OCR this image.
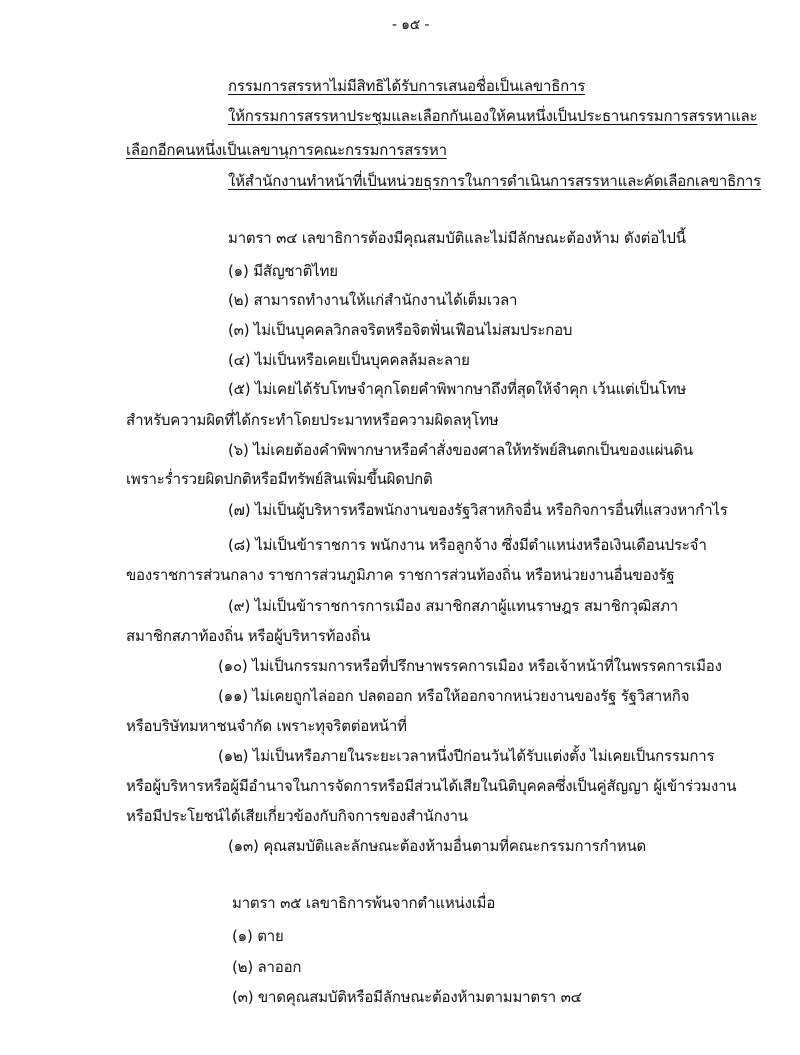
- ๑๕ -
กรรมการสรรหาไม่มีสิทธิได้รับการเสนอชื่อเป็นเลขาธิการ
ให้กรรมการสรรหาประชุมและเลือกกันเองให้คนหนึ่งเป็นประธานกรรมการสรรหาและ
เลือกอีกคนหนึ่งเป็นเลขานุการคณะกรรมการสรรหา
ให้สำนักงานทำหน้าที่เป็นหน่วยธุรการในการดำเนินการสรรหาและคัดเลือกเลขาธิการ
มาตรา ๓๔ เลขาธิการต้องมีคุณสมบัติและไม่มีลักษณะต้องห้าม ดังต่อไปนี้
(๑) มีสัญชาติไทย
(๒) สามารถทำงานให้แก่สำนักงานได้เต็มเวลา
(๓) ไม่เป็นบุคคลวิกลจริตหรือจิตฟั่นเฟือนไม่สมประกอบ
(๔) ไม่เป็นหรือเคยเป็นบุคคลล้มละลาย
(๕) ไม่เคยได้รับโทษจำคุกโดยคำพิพากษาถึงที่สุดให้จำคุก เว้นแต่เป็นโทษ
สำหรับความผิดที่ได้กระทำโดยประมาทหรือความผิดลหุโทษ
(๖) ไม่เคยต้องคำพิพากษาหรือคำสั่งของศาลให้ทรัพย์สินตกเป็นของแผ่นดิน
เพราะร่ำรวยผิดปกติหรือมีทรัพย์สินเพิ่มขึ้นผิดปกติ
(๗) ไม่เป็นผู้บริหารหรือพนักงานของรัฐวิสาหกิจอื่น หรือกิจการอื่นที่แสวงหากำไร
(๘) ไม่เป็นข้าราชการ พนักงาน หรือลูกจ้าง ซึ่งมีตำแหน่งหรือเงินเดือนประจำ
ของราชการส่วนกลาง ราชการส่วนภูมิภาค ราชการส่วนท้องถิ่น หรือหน่วยงานอื่นของรัฐ
(๙) ไม่เป็นข้าราชการการเมือง สมาชิกสภาผู้แทนราษฎร สมาชิกวุฒิสภา
สมาชิกสภาท้องถิ่น หรือผู้บริหารท้องถิ่น
(๑๐) ไม่เป็นกรรมการหรือที่ปรึกษาพรรคการเมือง หรือเจ้าหน้าที่ในพรรคการเมือง
(๑๑) ไม่เคยถูกไล่ออก ปลดออก หรือให้ออกจากหน่วยงานของรัฐ รัฐวิสาหกิจ
หรือบริษัทมหาชนจำกัด เพราะทุจริตต่อหน้าที่
(๑๒) ไม่เป็นหรือภายในระยะเวลาหนึ่งปีก่อนวันได้รับแต่งตั้ง ไม่เคยเป็นกรรมการ
หรือผู้บริหารหรือผู้มีอำนาจในการจัดการหรือมีส่วนได้เสียในนิติบุคคลซึ่งเป็นคู่สัญญา ผู้เข้าร่วมงาน
หรือมีประโยชน์ได้เสียเกี่ยวข้องกับกิจการของสำนักงาน
(๑๓) คุณสมบัติและลักษณะต้องห้ามอื่นตามที่คณะกรรมการกำหนด
มาตรา ๓๕ เลขาธิการพ้นจากตำแหน่งเมื่อ
(๑) ตาย
(๒) ลาออก
(๓) ขาดคุณสมบัติหรือมีลักษณะต้องห้ามตามมาตรา ๓๔
